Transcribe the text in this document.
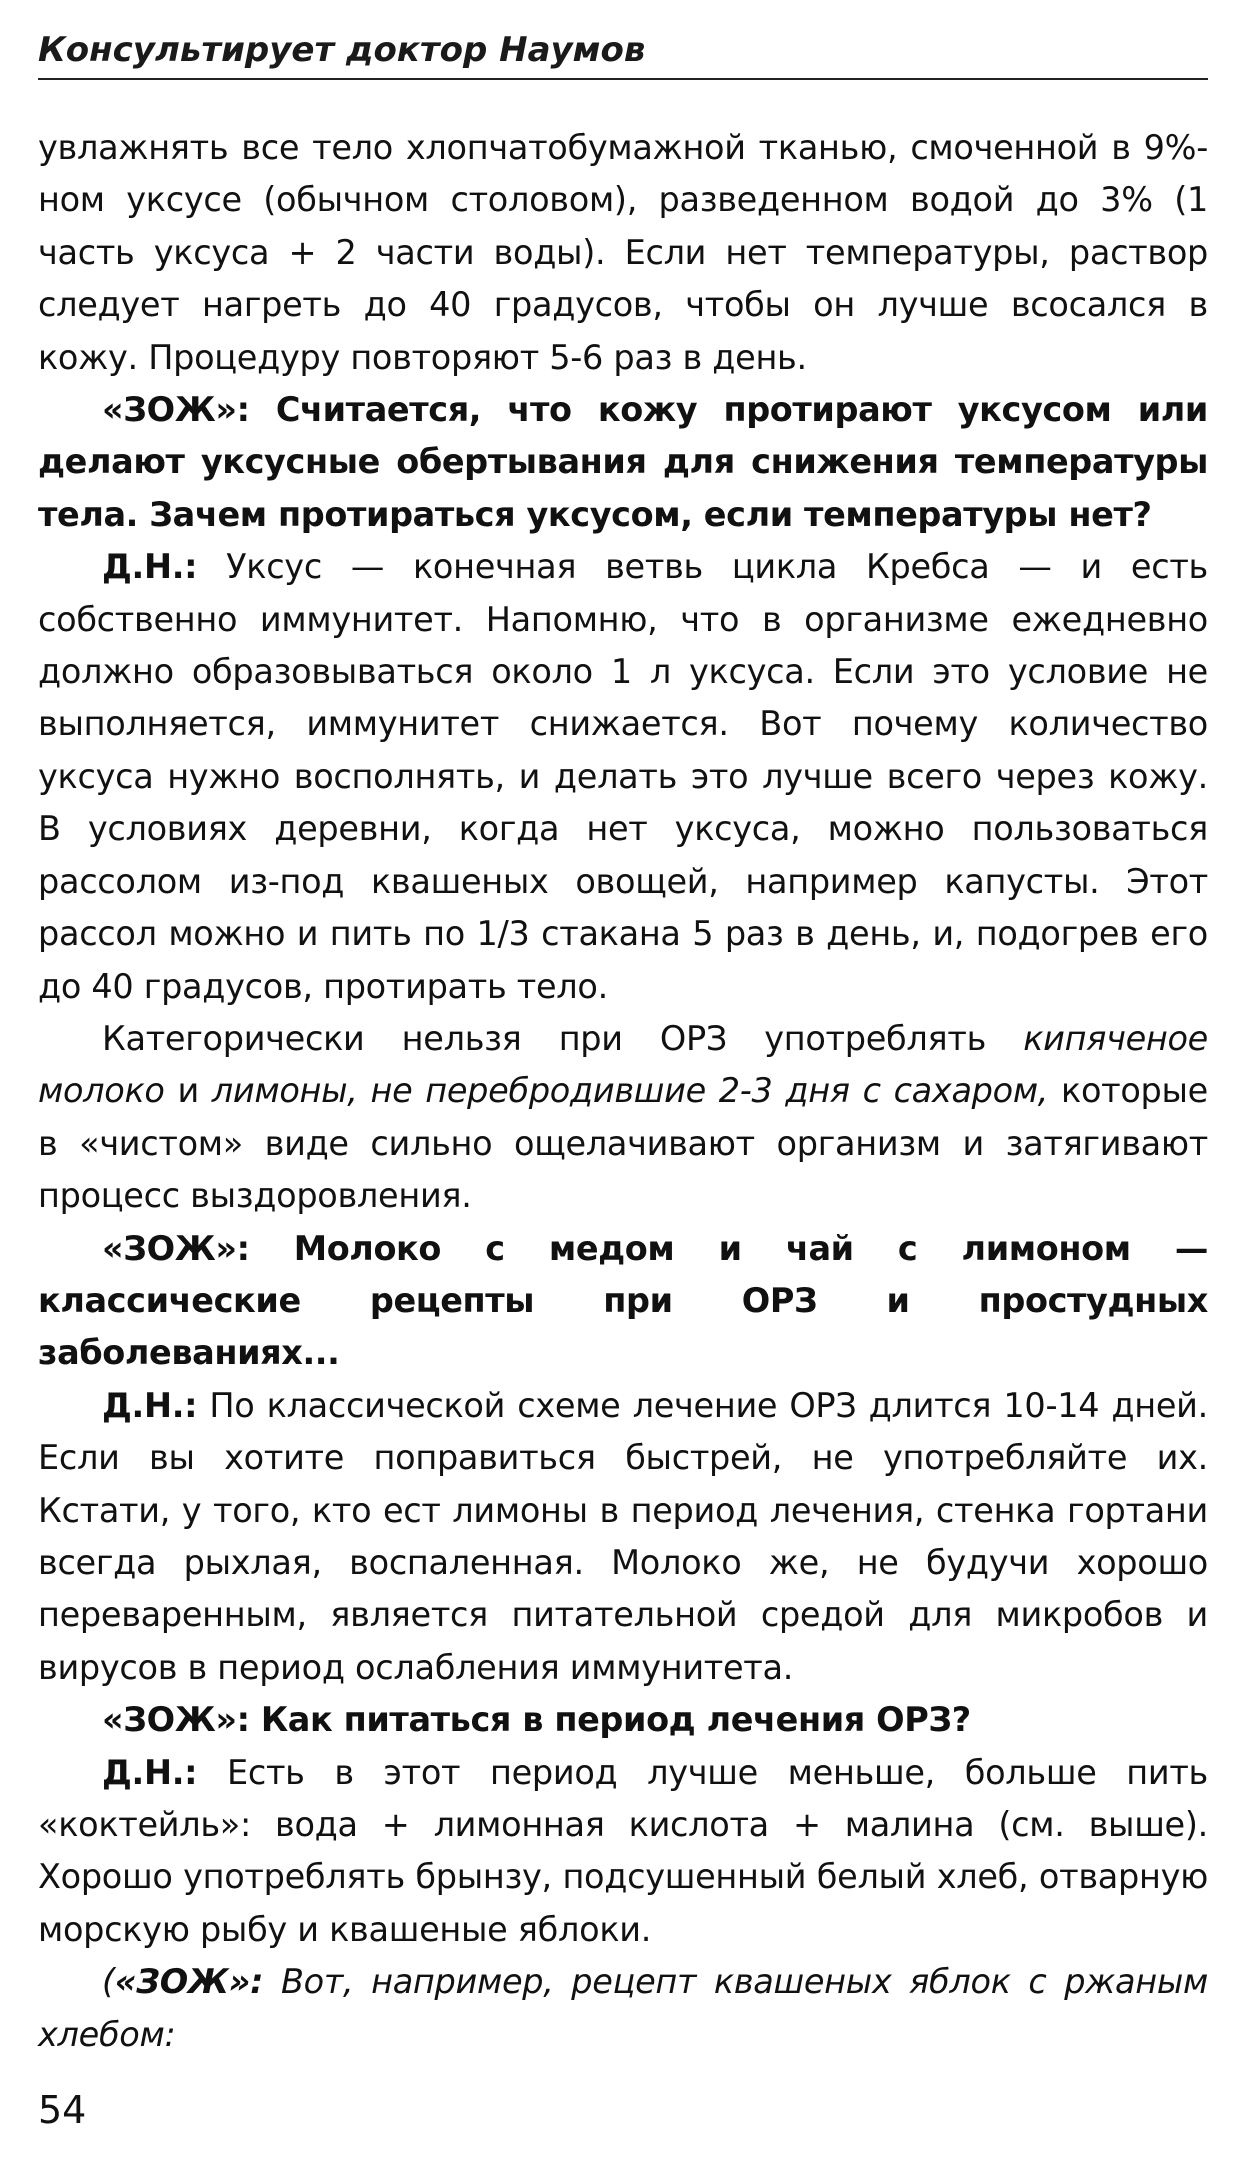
Консультирует доктор Наумов

увлажнять все тело хлопчатобумажной тканью, смоченной в 9%-ном уксусе (обычном столовом), разведенном водой до 3% (1 часть уксуса + 2 части воды). Если нет температуры, раствор следует нагреть до 40 градусов, чтобы он лучше всосался в кожу. Процедуру повторяют 5-6 раз в день.

«ЗОЖ»: Считается, что кожу протирают уксусом или делают уксусные обертывания для снижения температуры тела. Зачем протираться уксусом, если температуры нет?

Д.Н.: Уксус — конечная ветвь цикла Кребса — и есть собственно иммунитет. Напомню, что в организме ежедневно должно образовываться около 1 л уксуса. Если это условие не выполняется, иммунитет снижается. Вот почему количество уксуса нужно восполнять, и делать это лучше всего через кожу. В условиях деревни, когда нет уксуса, можно пользоваться рассолом из-под квашеных овощей, например капусты. Этот рассол можно и пить по 1/3 стакана 5 раз в день, и, подогрев его до 40 градусов, протирать тело.

Категорически нельзя при ОРЗ употреблять кипяченое молоко и лимоны, не перебродившие 2-3 дня с сахаром, которые в «чистом» виде сильно ощелачивают организм и затягивают процесс выздоровления.

«ЗОЖ»: Молоко с медом и чай с лимоном — классические рецепты при ОРЗ и простудных заболеваниях...

Д.Н.: По классической схеме лечение ОРЗ длится 10-14 дней. Если вы хотите поправиться быстрей, не употребляйте их. Кстати, у того, кто ест лимоны в период лечения, стенка гортани всегда рыхлая, воспаленная. Молоко же, не будучи хорошо переваренным, является питательной средой для микробов и вирусов в период ослабления иммунитета.

«ЗОЖ»: Как питаться в период лечения ОРЗ?

Д.Н.: Есть в этот период лучше меньше, больше пить «коктейль»: вода + лимонная кислота + малина (см. выше). Хорошо употреблять брынзу, подсушенный белый хлеб, отварную морскую рыбу и квашеные яблоки.

(«ЗОЖ»: Вот, например, рецепт квашеных яблок с ржаным хлебом:

54
